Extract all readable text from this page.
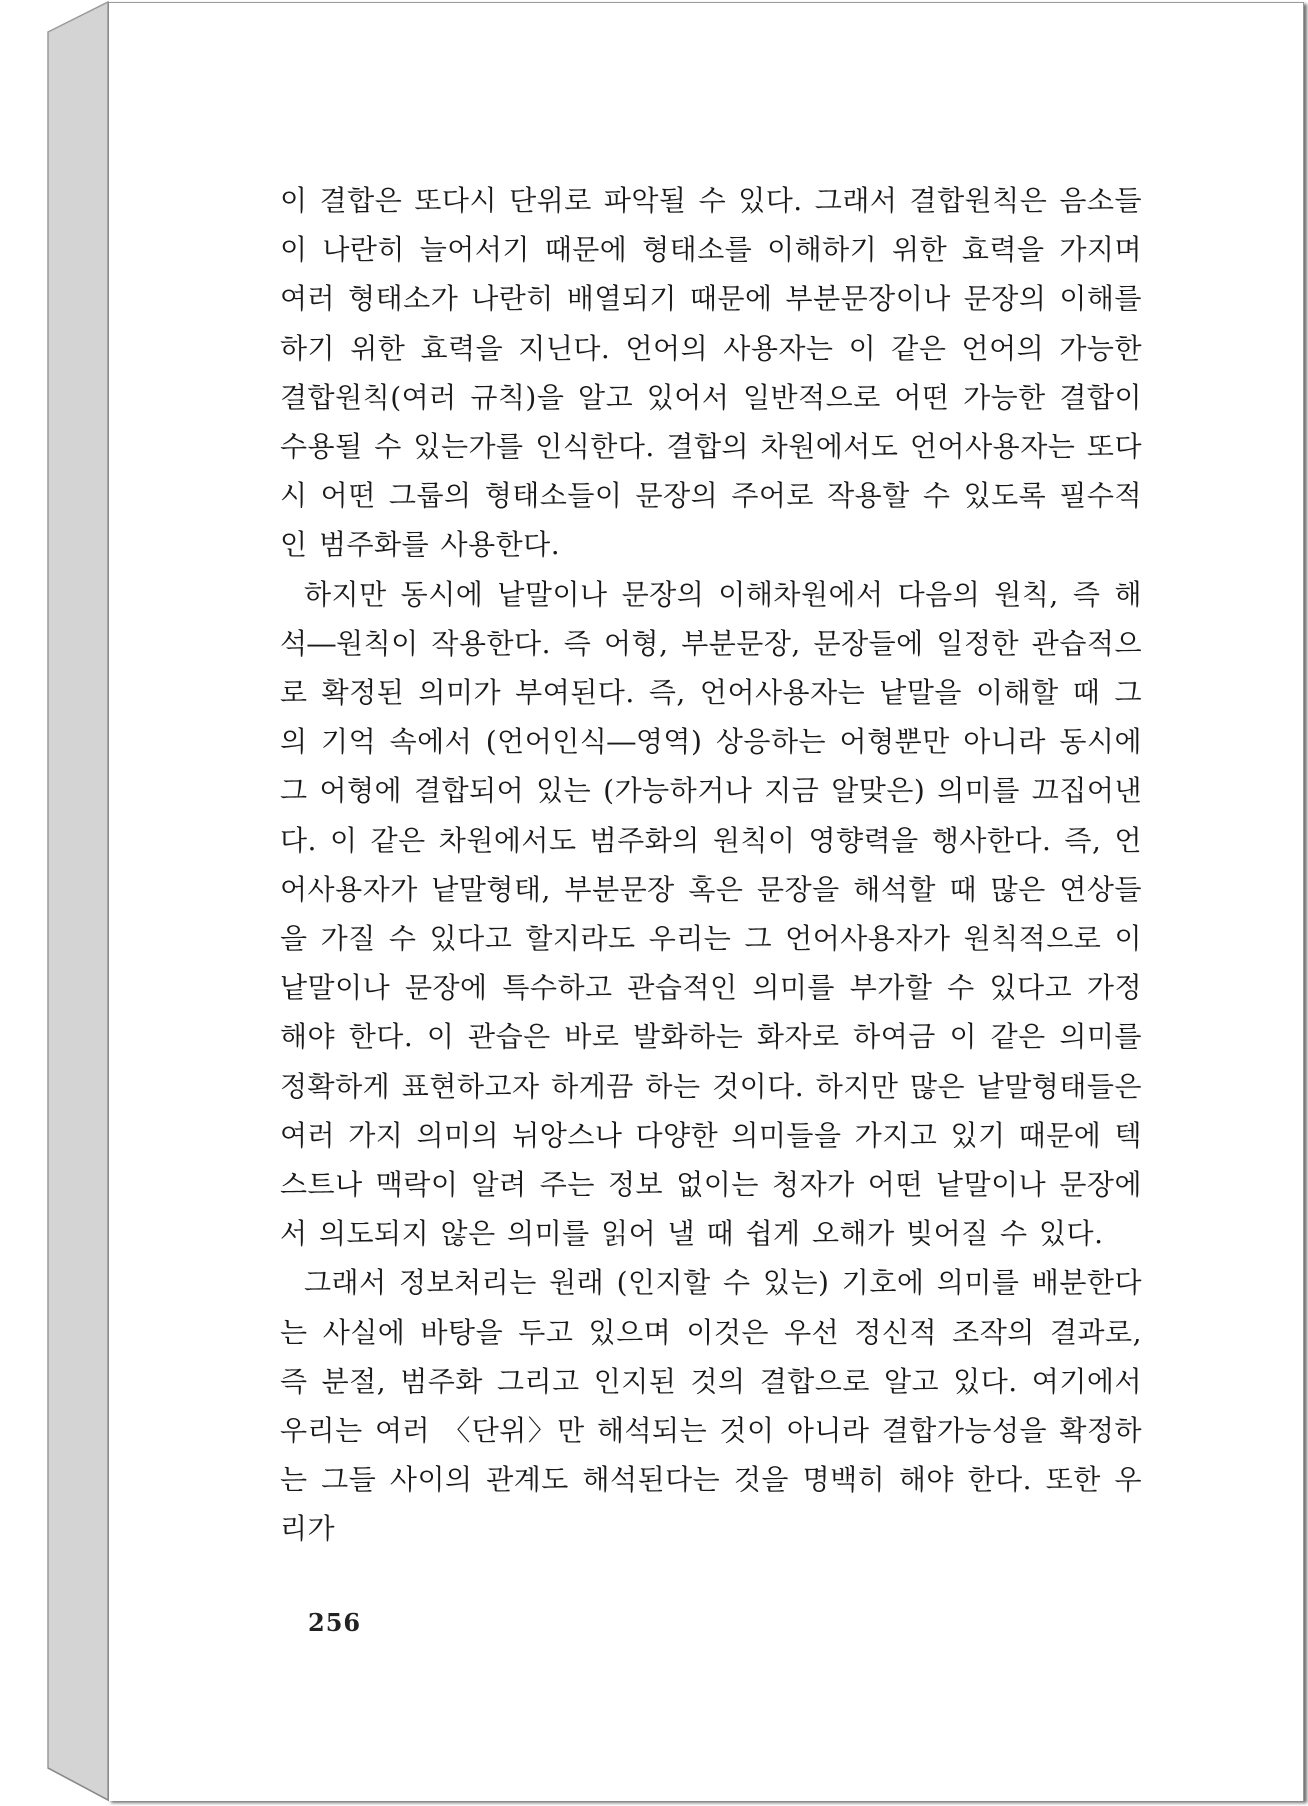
이 결합은 또다시 단위로 파악될 수 있다. 그래서 결합원칙은 음소들이 나란히 늘어서기 때문에 형태소를 이해하기 위한 효력을 가지며 여러 형태소가 나란히 배열되기 때문에 부분문장이나 문장의 이해를 하기 위한 효력을 지닌다. 언어의 사용자는 이 같은 언어의 가능한 결합원칙(여러 규칙)을 알고 있어서 일반적으로 어떤 가능한 결합이 수용될 수 있는가를 인식한다. 결합의 차원에서도 언어사용자는 또다시 어떤 그룹의 형태소들이 문장의 주어로 작용할 수 있도록 필수적인 범주화를 사용한다.

하지만 동시에 낱말이나 문장의 이해차원에서 다음의 원칙, 즉 해석―원칙이 작용한다. 즉 어형, 부분문장, 문장들에 일정한 관습적으로 확정된 의미가 부여된다. 즉, 언어사용자는 낱말을 이해할 때 그의 기억 속에서 (언어인식―영역) 상응하는 어형뿐만 아니라 동시에 그 어형에 결합되어 있는 (가능하거나 지금 알맞은) 의미를 끄집어낸다. 이 같은 차원에서도 범주화의 원칙이 영향력을 행사한다. 즉, 언어사용자가 낱말형태, 부분문장 혹은 문장을 해석할 때 많은 연상들을 가질 수 있다고 할지라도 우리는 그 언어사용자가 원칙적으로 이 낱말이나 문장에 특수하고 관습적인 의미를 부가할 수 있다고 가정해야 한다. 이 관습은 바로 발화하는 화자로 하여금 이 같은 의미를 정확하게 표현하고자 하게끔 하는 것이다. 하지만 많은 낱말형태들은 여러 가지 의미의 뉘앙스나 다양한 의미들을 가지고 있기 때문에 텍스트나 맥락이 알려 주는 정보 없이는 청자가 어떤 낱말이나 문장에서 의도되지 않은 의미를 읽어 낼 때 쉽게 오해가 빚어질 수 있다.

그래서 정보처리는 원래 (인지할 수 있는) 기호에 의미를 배분한다는 사실에 바탕을 두고 있으며 이것은 우선 정신적 조작의 결과로, 즉 분절, 범주화 그리고 인지된 것의 결합으로 알고 있다. 여기에서 우리는 여러 〈단위〉만 해석되는 것이 아니라 결합가능성을 확정하는 그들 사이의 관계도 해석된다는 것을 명백히 해야 한다. 또한 우리가

256
